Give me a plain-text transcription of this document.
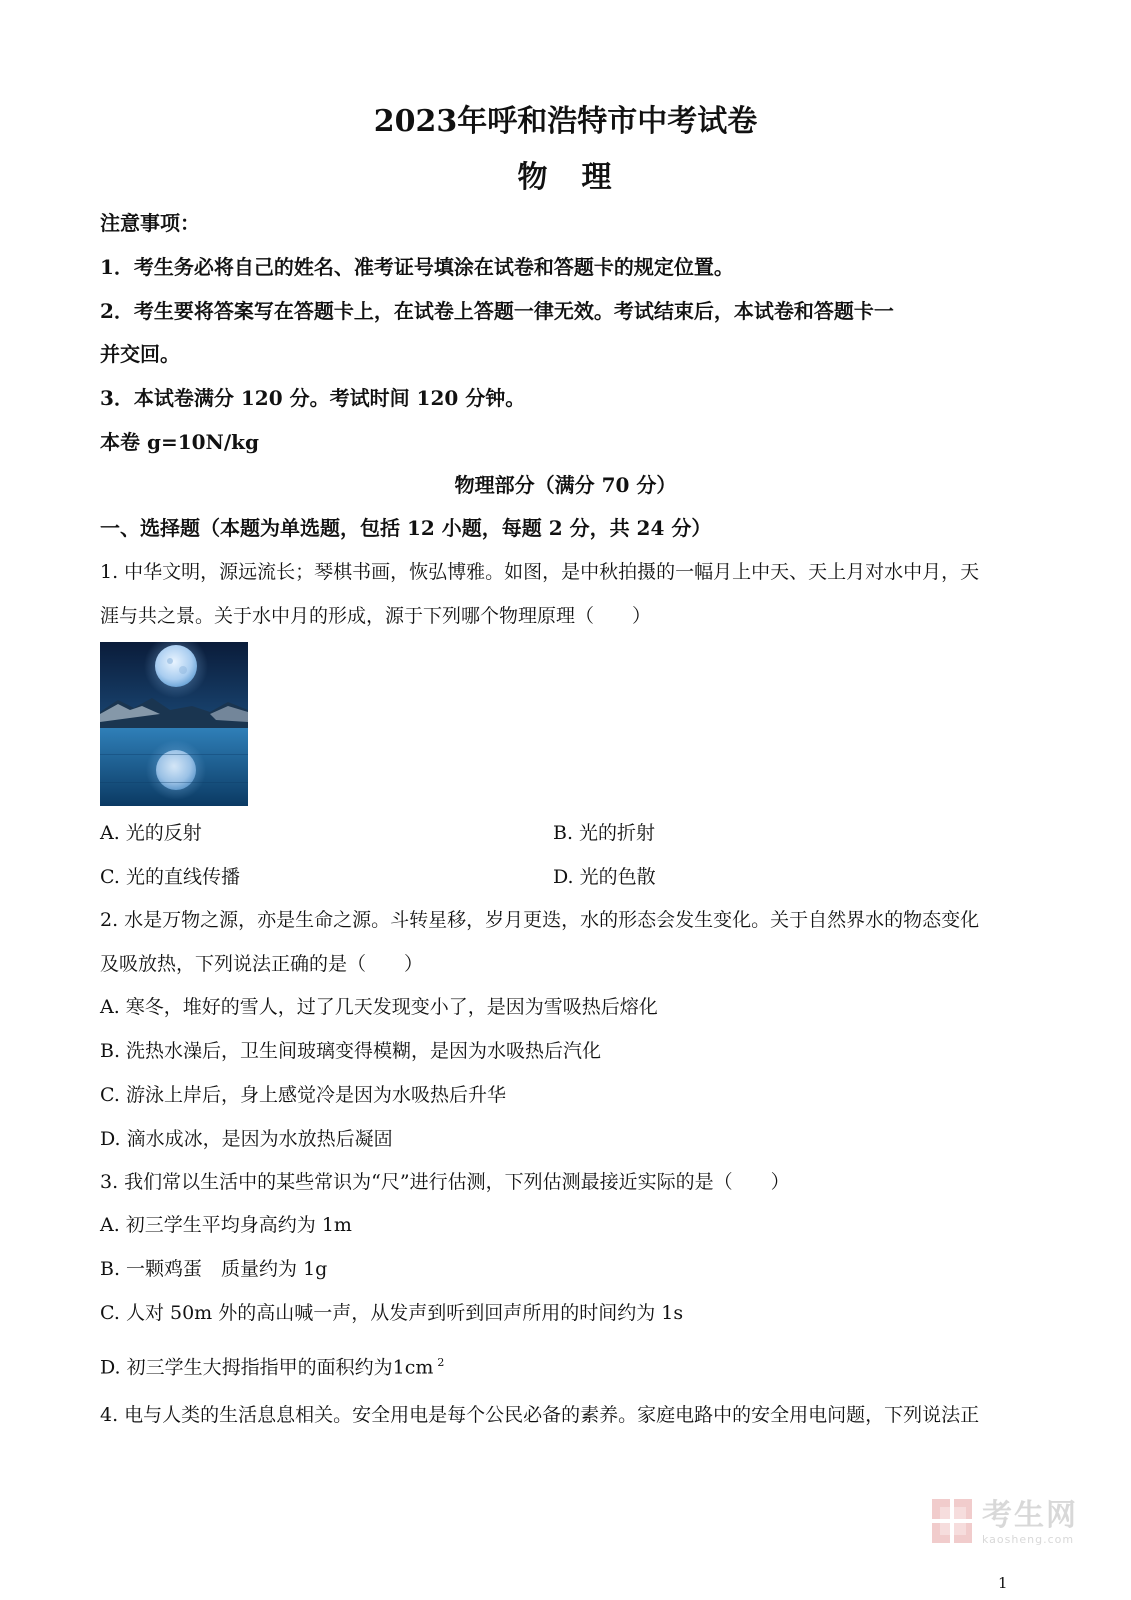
2023年呼和浩特市中考试卷
物　理
注意事项：
1．考生务必将自己的姓名、准考证号填涂在试卷和答题卡的规定位置。
2．考生要将答案写在答题卡上，在试卷上答题一律无效。考试结束后，本试卷和答题卡一
并交回。
3．本试卷满分 120 分。考试时间 120 分钟。
本卷 g=10N/kg
物理部分（满分 70 分）
一、选择题（本题为单选题，包括 12 小题，每题 2 分，共 24 分）
1. 中华文明，源远流长；琴棋书画，恢弘博雅。如图，是中秋拍摄的一幅月上中天、天上月对水中月，天
涯与共之景。关于水中月的形成，源于下列哪个物理原理（　　）
A. 光的反射	B. 光的折射
C. 光的直线传播	D. 光的色散
2. 水是万物之源，亦是生命之源。斗转星移，岁月更迭，水的形态会发生变化。关于自然界水的物态变化
及吸放热，下列说法正确的是（　　）
A. 寒冬，堆好的雪人，过了几天发现变小了，是因为雪吸热后熔化
B. 洗热水澡后，卫生间玻璃变得模糊，是因为水吸热后汽化
C. 游泳上岸后，身上感觉冷是因为水吸热后升华
D. 滴水成冰，是因为水放热后凝固
3. 我们常以生活中的某些常识为“尺”进行估测，下列估测最接近实际的是（　　）
A. 初三学生平均身高约为 1m
B. 一颗鸡蛋　质量约为 1g
C. 人对 50m 外的高山喊一声，从发声到听到回声所用的时间约为 1s
D. 初三学生大拇指指甲的面积约为1cm $^2$
4. 电与人类的生活息息相关。安全用电是每个公民必备的素养。家庭电路中的安全用电问题，下列说法正
考生网
kaosheng.com
1
